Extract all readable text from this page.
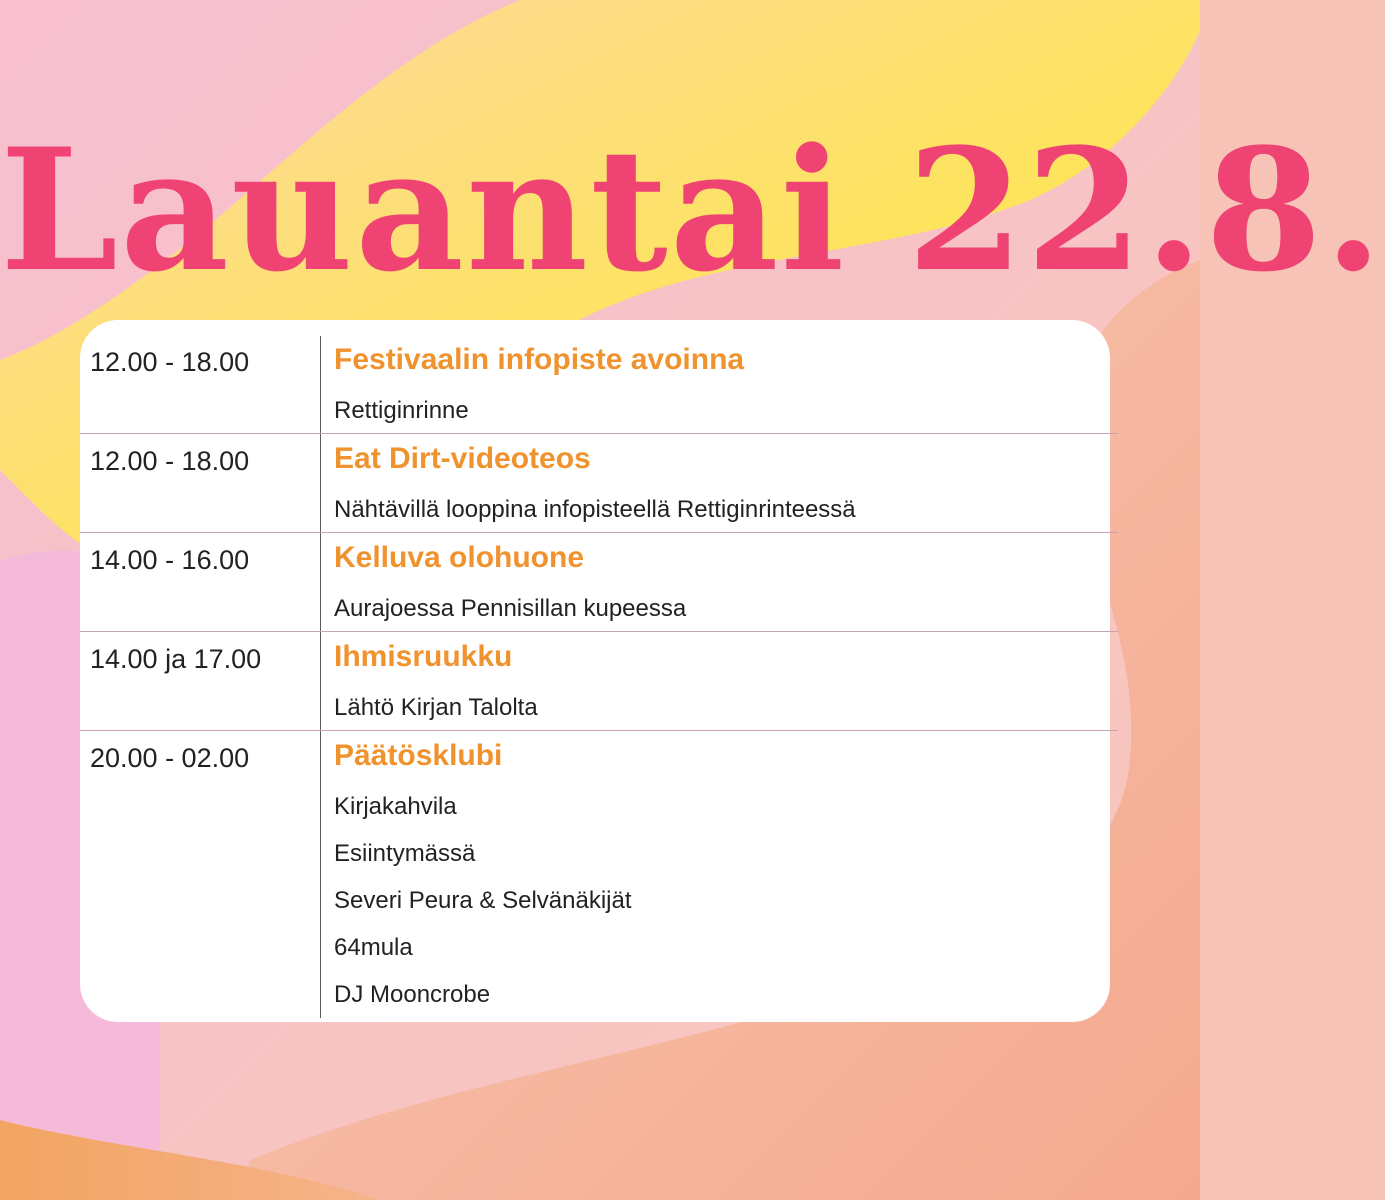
Lauantai 22.8.
12.00 - 18.00	Festivaalin infopiste avoinna
Rettiginrinne
12.00 - 18.00	Eat Dirt-videoteos
Nähtävillä looppina infopisteellä Rettiginrinteessä
14.00 - 16.00	Kelluva olohuone
Aurajoessa Pennisillan kupeessa
14.00 ja 17.00 Ihmisruukku
Lähtö Kirjan Talolta
20.00 - 02.00	Päätösklubi
Kirjakahvila
Esiintymässä
Severi Peura & Selvänäkijät
64mula
DJ Mooncrobe
